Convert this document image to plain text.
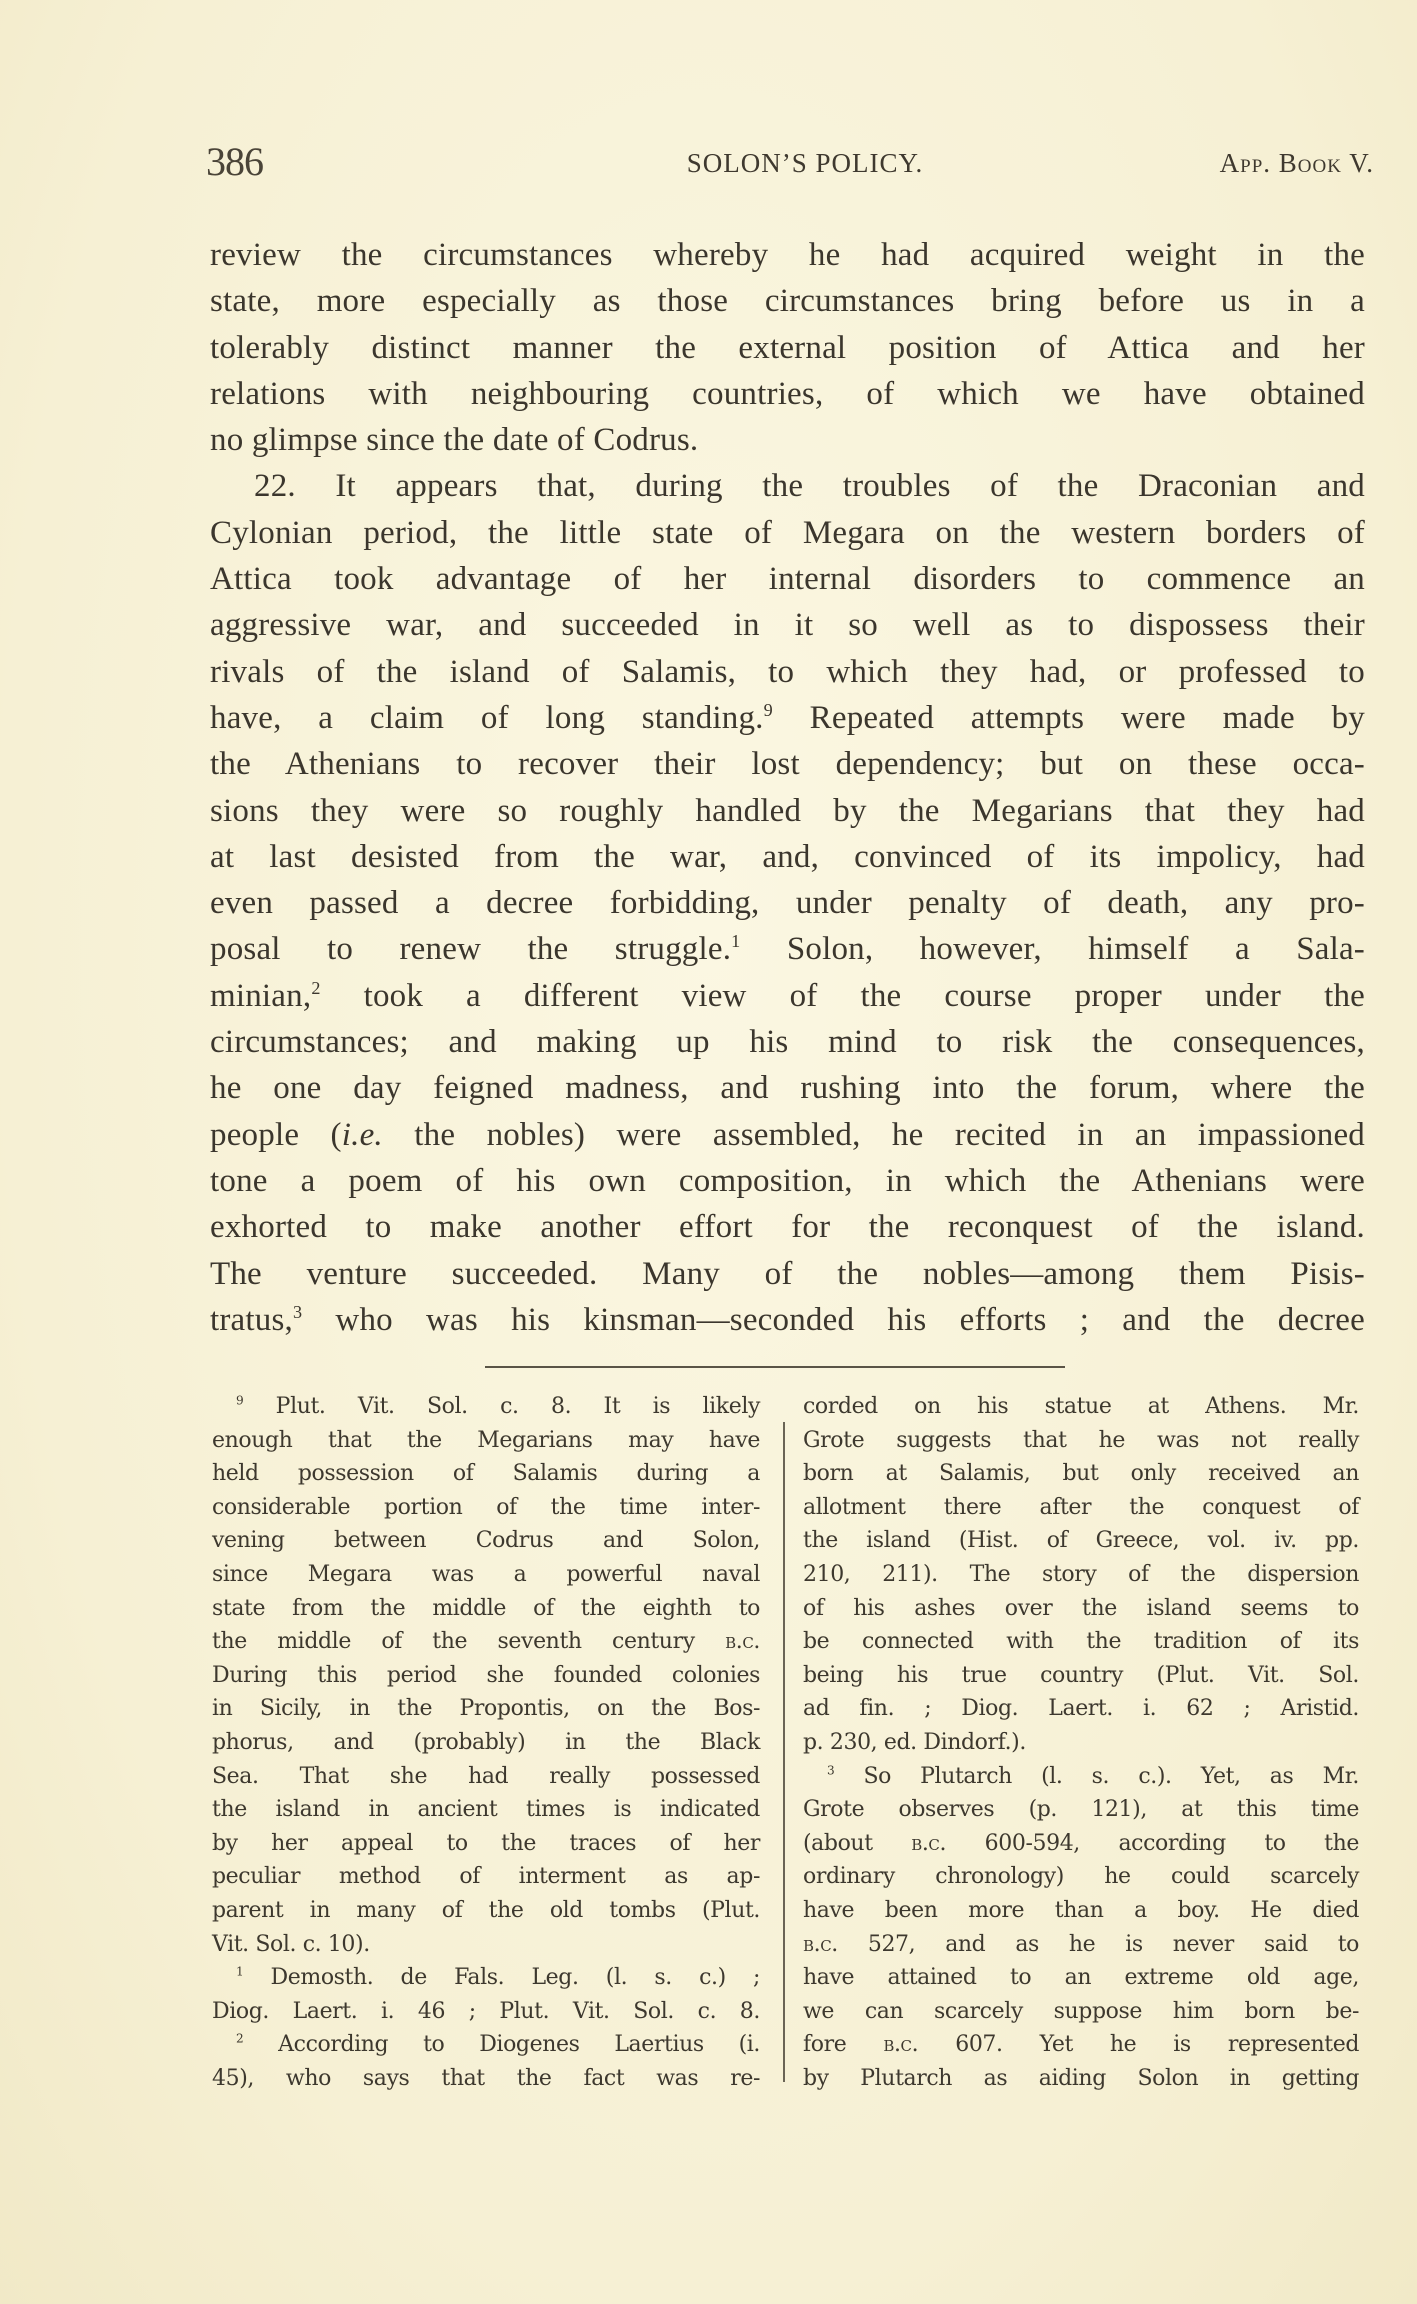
386	SOLON’S POLICY.	App. Book V.
review the circumstances whereby he had acquired weight in the
state, more especially as those circumstances bring before us in a
tolerably distinct manner the external position of Attica and her
relations with neighbouring countries, of which we have obtained
no glimpse since the date of Codrus.
22. It appears that, during the troubles of the Draconian and
Cylonian period, the little state of Megara on the western borders of
Attica took advantage of her internal disorders to commence an
aggressive war, and succeeded in it so well as to dispossess their
rivals of the island of Salamis, to which they had, or professed to
have, a claim of long standing.$^9$ Repeated attempts were made by
the Athenians to recover their lost dependency; but on these occa-
sions they were so roughly handled by the Megarians that they had
at last desisted from the war, and, convinced of its impolicy, had
even passed a decree forbidding, under penalty of death, any pro-
posal to renew the struggle.$^1$ Solon, however, himself a Sala-
minian,$^2$ took a different view of the course proper under the
circumstances; and making up his mind to risk the consequences,
he one day feigned madness, and rushing into the forum, where the
people (i.e. the nobles) were assembled, he recited in an impassioned
tone a poem of his own composition, in which the Athenians were
exhorted to make another effort for the reconquest of the island.
The venture succeeded. Many of the nobles—among them Pisis-
tratus,$^3$ who was his kinsman—seconded his efforts ; and the decree
$^9$ Plut. Vit. Sol. c. 8. It is likely
enough that the Megarians may have
held possession of Salamis during a
considerable portion of the time inter-
vening between Codrus and Solon,
since Megara was a powerful naval
state from the middle of the eighth to
the middle of the seventh century b.c.
During this period she founded colonies
in Sicily, in the Propontis, on the Bos-
phorus, and (probably) in the Black
Sea. That she had really possessed
the island in ancient times is indicated
by her appeal to the traces of her
peculiar method of interment as ap-
parent in many of the old tombs (Plut.
Vit. Sol. c. 10).
$^1$ Demosth. de Fals. Leg. (l. s. c.) ;
Diog. Laert. i. 46 ; Plut. Vit. Sol. c. 8.
$^2$ According to Diogenes Laertius (i.
45), who says that the fact was re-
corded on his statue at Athens. Mr.
Grote suggests that he was not really
born at Salamis, but only received an
allotment there after the conquest of
the island (Hist. of Greece, vol. iv. pp.
210, 211). The story of the dispersion
of his ashes over the island seems to
be connected with the tradition of its
being his true country (Plut. Vit. Sol.
ad fin. ; Diog. Laert. i. 62 ; Aristid.
p. 230, ed. Dindorf.).
$^3$ So Plutarch (l. s. c.). Yet, as Mr.
Grote observes (p. 121), at this time
(about b.c. 600-594, according to the
ordinary chronology) he could scarcely
have been more than a boy. He died
b.c. 527, and as he is never said to
have attained to an extreme old age,
we can scarcely suppose him born be-
fore b.c. 607. Yet he is represented
by Plutarch as aiding Solon in getting
